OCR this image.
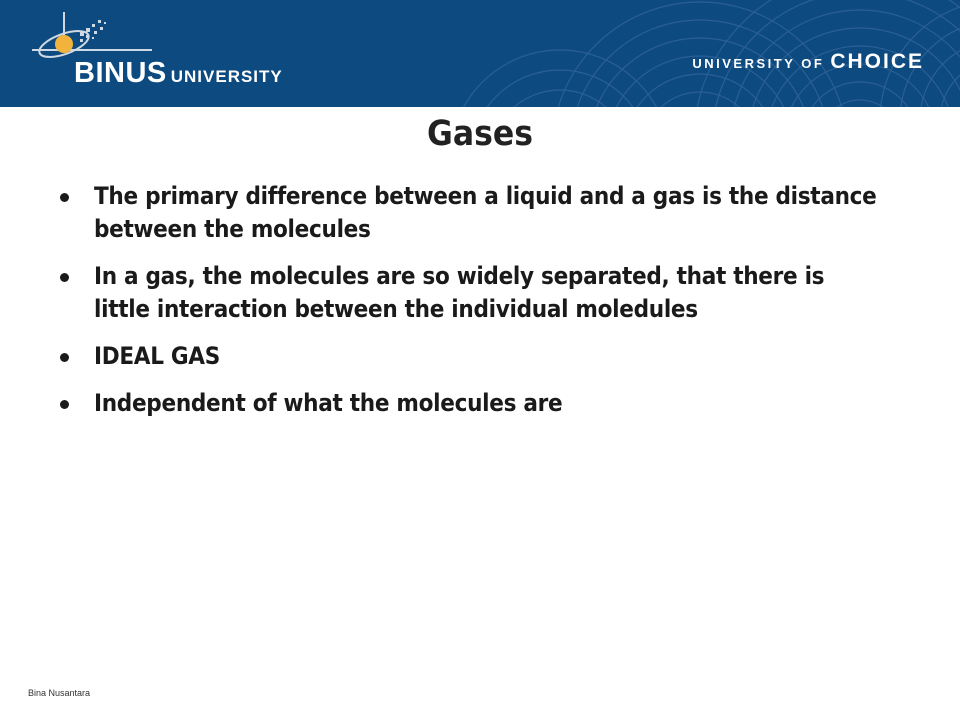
BINUS UNIVERSITY
UNIVERSITY OF CHOICE
Gases
The primary difference between a liquid and a gas is the distance between the molecules
In a gas, the molecules are so widely separated, that there is little interaction between the individual moledules
IDEAL GAS
Independent of what the molecules are
Bina Nusantara
